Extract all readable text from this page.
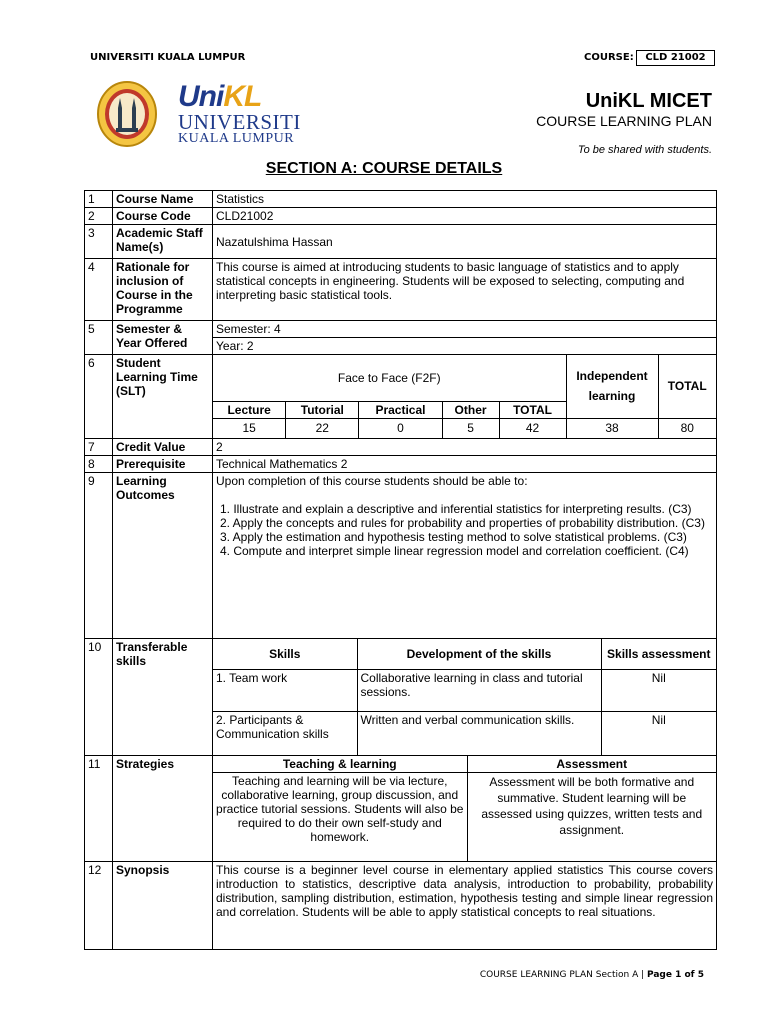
UNIVERSITI KUALA LUMPUR	COURSE:	CLD 21002
UniKL
UNIVERSITI
KUALA LUMPUR
UniKL MICET
COURSE LEARNING PLAN
To be shared with students.
SECTION A: COURSE DETAILS
1	Course Name	Statistics
2	Course Code	CLD21002
3	Academic Staff Name(s)	Nazatulshima Hassan
4	Rationale for inclusion of Course in the Programme	This course is aimed at introducing students to basic language of statistics and to apply statistical concepts in engineering. Students will be exposed to selecting, computing and interpreting basic statistical tools.
5	Semester & Year Offered	
Semester: 4
Year: 2

6	Student Learning Time (SLT)	
Face to Face (F2F)	Independent learning	TOTAL
Lecture	Tutorial	Practical	Other	TOTAL
15	22	0	5	42	38	80

7	Credit Value	2
8	Prerequisite	Technical Mathematics 2
9	Learning Outcomes	

Upon completion of this course students should be able to:

1. Illustrate and explain a descriptive and inferential statistics for interpreting results. (C3)

2. Apply the concepts and rules for probability and properties of probability distribution. (C3)

3. Apply the estimation and hypothesis testing method to solve statistical problems. (C3)

4. Compute and interpret simple linear regression model and correlation coefficient. (C4)

10	Transferable skills	
Skills	Development of the skills	Skills assessment
1. Team work	Collaborative learning in class and tutorial sessions.	Nil
2. Participants & Communication skills	Written and verbal communication skills.	Nil

11	Strategies		Teaching & learning	Assessment
Teaching and learning will be via lecture, collaborative learning, group discussion, and practice tutorial sessions. Students will also be required to do their own self-study and homework.	Assessment will be both formative and summative. Student learning will be assessed using quizzes, written tests and assignment.

12	Synopsis	This course is a beginner level course in elementary applied statistics This course covers introduction to statistics, descriptive data analysis, introduction to probability, probability distribution, sampling distribution, estimation, hypothesis testing and simple linear regression and correlation. Students will be able to apply statistical concepts to real situations.
COURSE LEARNING PLAN Section A | Page 1 of 5
